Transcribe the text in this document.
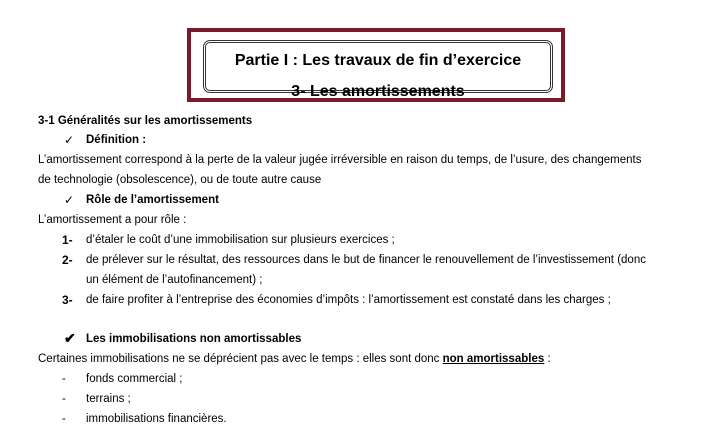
Partie I : Les travaux de fin d’exercice
3- Les amortissements
3-1 Généralités sur les amortissements
✓ Définition :
L’amortissement correspond à la perte de la valeur jugée irréversible en raison du temps, de l’usure, des changements
de technologie (obsolescence), ou de toute autre cause
✓ Rôle de l’amortissement
L’amortissement a pour rôle :
1- d’étaler le coût d’une immobilisation sur plusieurs exercices ;
2- de prélever sur le résultat, des ressources dans le but de financer le renouvellement de l’investissement (donc
un élément de l’autofinancement) ;
3- de faire profiter à l’entreprise des économies d’impôts : l’amortissement est constaté dans les charges ;
✔ Les immobilisations non amortissables
Certaines immobilisations ne se déprécient pas avec le temps : elles sont donc non amortissables :
- fonds commercial ;
- terrains ;
- immobilisations financières.
